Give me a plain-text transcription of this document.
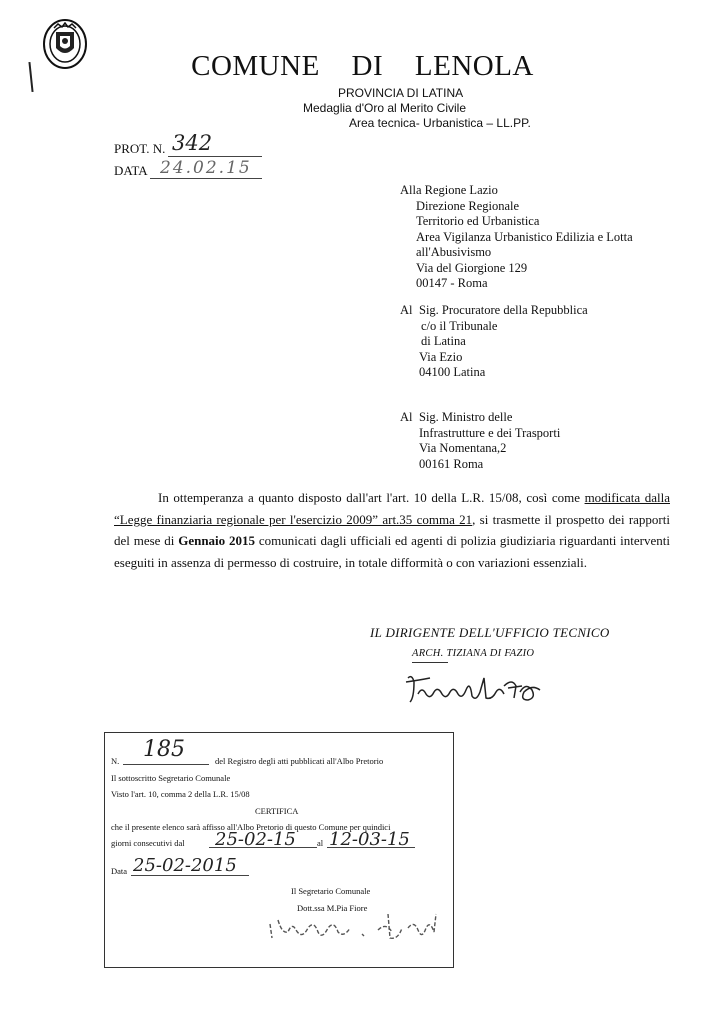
COMUNE DI LENOLA
PROVINCIA DI LATINA
Medaglia d'Oro al Merito Civile
Area tecnica- Urbanistica – LL.PP.
PROT. N. 342
DATA 24.02.15
Alla Regione Lazio
Direzione Regionale
Territorio ed Urbanistica
Area Vigilanza Urbanistico Edilizia e Lotta
all'Abusivismo
Via del Giorgione 129
00147 - Roma
Al Sig. Procuratore della Repubblica
c/o il Tribunale
di Latina
Via Ezio
04100 Latina
Al Sig. Ministro delle
Infrastrutture e dei Trasporti
Via Nomentana,2
00161 Roma
In ottemperanza a quanto disposto dall'art l'art. 10 della L.R. 15/08, così come modificata dalla “Legge finanziaria regionale per l'esercizio 2009” art.35 comma 21, si trasmette il prospetto dei rapporti del mese di Gennaio 2015 comunicati dagli ufficiali ed agenti di polizia giudiziaria riguardanti interventi eseguiti in assenza di permesso di costruire, in totale difformità o con variazioni essenziali.
IL DIRIGENTE DELL'UFFICIO TECNICO
ARCH. TIZIANA DI FAZIO
N. 185	del Registro degli atti pubblicati all'Albo Pretorio
Il sottoscritto Segretario Comunale
Visto l'art. 10, comma 2 della L.R. 15/08
CERTIFICA
che il presente elenco sarà affisso all'Albo Pretorio di questo Comune per quindici
giorni consecutivi dal 25-02-15 al 12-03-15
Data 25-02-2015
Il Segretario Comunale
Dott.ssa M.Pia Fiore
